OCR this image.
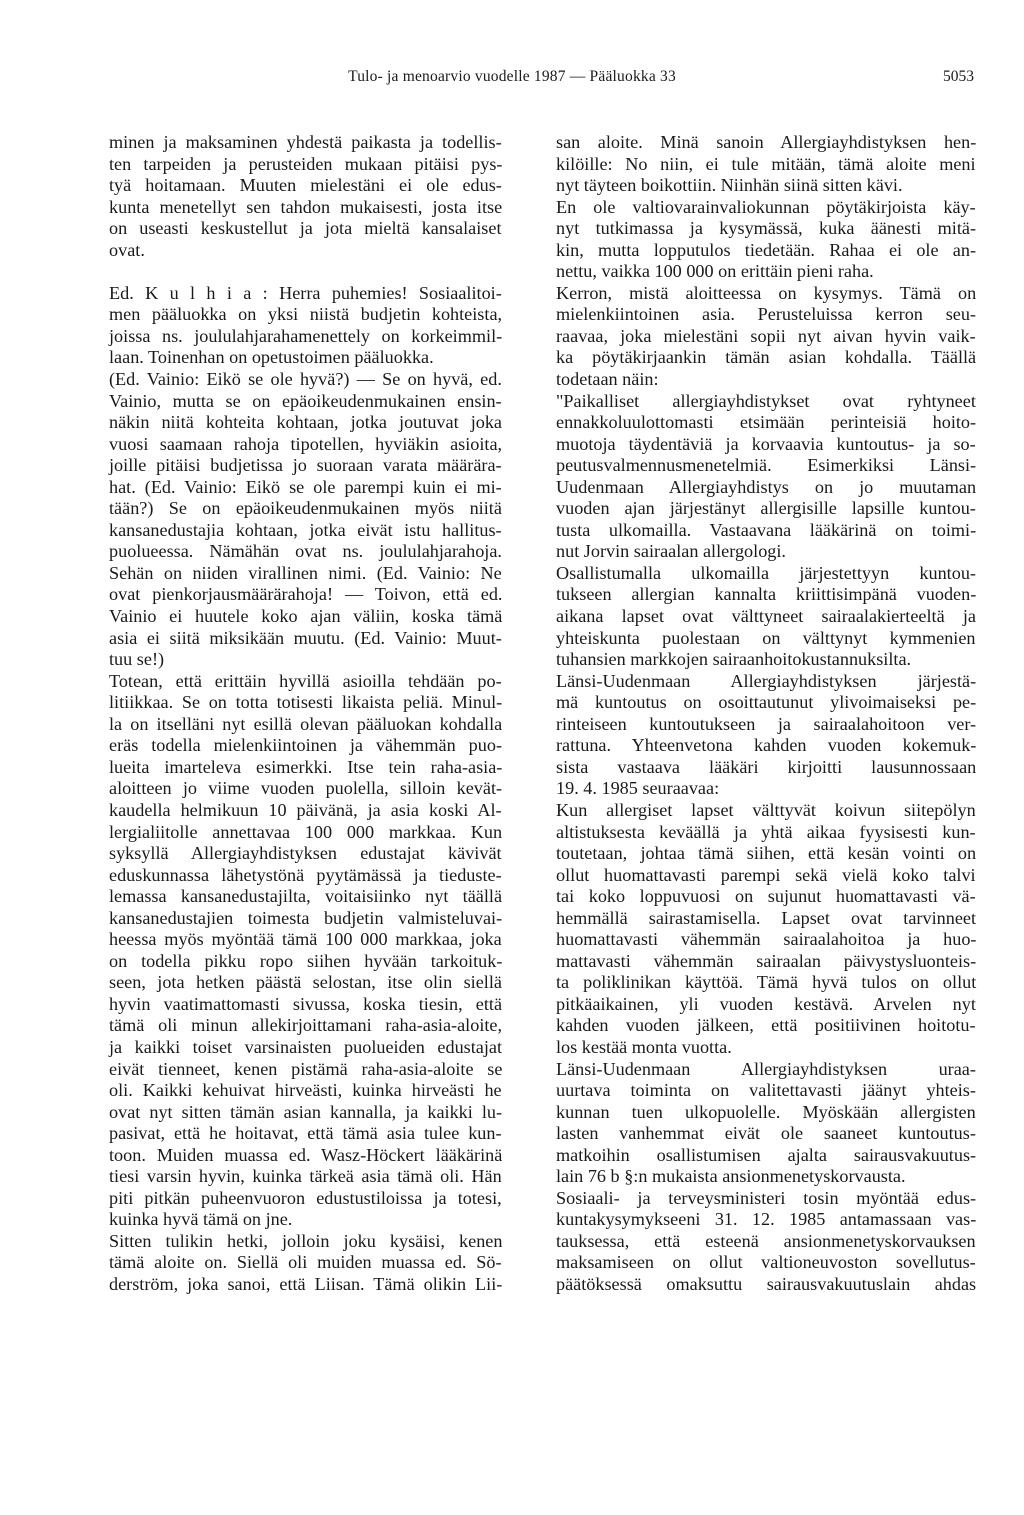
Tulo- ja menoarvio vuodelle 1987 — Pääluokka 33	5053
minen ja maksaminen yhdestä paikasta ja todellis-
ten tarpeiden ja perusteiden mukaan pitäisi pys-
tyä hoitamaan. Muuten mielestäni ei ole edus-
kunta menetellyt sen tahdon mukaisesti, josta itse
on useasti keskustellut ja jota mieltä kansalaiset
ovat.
Ed. K u l h i a : Herra puhemies! Sosiaalitoi-
men pääluokka on yksi niistä budjetin kohteista,
joissa ns. joululahjarahamenettely on korkeimmil-
laan. Toinenhan on opetustoimen pääluokka.
(Ed. Vainio: Eikö se ole hyvä?) — Se on hyvä, ed.
Vainio, mutta se on epäoikeudenmukainen ensin-
näkin niitä kohteita kohtaan, jotka joutuvat joka
vuosi saamaan rahoja tipotellen, hyviäkin asioita,
joille pitäisi budjetissa jo suoraan varata määrära-
hat. (Ed. Vainio: Eikö se ole parempi kuin ei mi-
tään?) Se on epäoikeudenmukainen myös niitä
kansanedustajia kohtaan, jotka eivät istu hallitus-
puolueessa. Nämähän ovat ns. joululahjarahoja.
Sehän on niiden virallinen nimi. (Ed. Vainio: Ne
ovat pienkorjausmäärärahoja! — Toivon, että ed.
Vainio ei huutele koko ajan väliin, koska tämä
asia ei siitä miksikään muutu. (Ed. Vainio: Muut-
tuu se!)
Totean, että erittäin hyvillä asioilla tehdään po-
litiikkaa. Se on totta totisesti likaista peliä. Minul-
la on itselläni nyt esillä olevan pääluokan kohdalla
eräs todella mielenkiintoinen ja vähemmän puo-
lueita imarteleva esimerkki. Itse tein raha-asia-
aloitteen jo viime vuoden puolella, silloin kevät-
kaudella helmikuun 10 päivänä, ja asia koski Al-
lergialiitolle annettavaa 100 000 markkaa. Kun
syksyllä Allergiayhdistyksen edustajat kävivät
eduskunnassa lähetystönä pyytämässä ja tiedustе-
lemassa kansanedustajilta, voitaisiinko nyt täällä
kansanedustajien toimesta budjetin valmisteluvai-
heessa myös myöntää tämä 100 000 markkaa, joka
on todella pikku ropo siihen hyvään tarkoituk-
seen, jota hetken päästä selostan, itse olin siellä
hyvin vaatimattomasti sivussa, koska tiesin, että
tämä oli minun allekirjoittamani raha-asia-aloite,
ja kaikki toiset varsinaisten puolueiden edustajat
eivät tienneet, kenen pistämä raha-asia-aloite se
oli. Kaikki kehuivat hirveästi, kuinka hirveästi he
ovat nyt sitten tämän asian kannalla, ja kaikki lu-
pasivat, että he hoitavat, että tämä asia tulee kun-
toon. Muiden muassa ed. Wasz-Höckert lääkärinä
tiesi varsin hyvin, kuinka tärkeä asia tämä oli. Hän
piti pitkän puheenvuoron edustustiloissa ja totesi,
kuinka hyvä tämä on jne.
Sitten tulikin hetki, jolloin joku kysäisi, kenen
tämä aloite on. Siellä oli muiden muassa ed. Sö-
derström, joka sanoi, että Liisan. Tämä olikin Lii-
san aloite. Minä sanoin Allergiayhdistyksen hen-
kilöille: No niin, ei tule mitään, tämä aloite meni
nyt täyteen boikottiin. Niinhän siinä sitten kävi.
En ole valtiovarainvaliokunnan pöytäkirjoista käy-
nyt tutkimassa ja kysymässä, kuka äänesti mitä-
kin, mutta lopputulos tiedetään. Rahaa ei ole an-
nettu, vaikka 100 000 on erittäin pieni raha.
Kerron, mistä aloitteessa on kysymys. Tämä on
mielenkiintoinen asia. Perusteluissa kerron seu-
raavaa, joka mielestäni sopii nyt aivan hyvin vaik-
ka pöytäkirjaankin tämän asian kohdalla. Täällä
todetaan näin:
"Paikalliset allergiayhdistykset ovat ryhtyneet
ennakkoluulottomasti etsimään perinteisiä hoito-
muotoja täydentäviä ja korvaavia kuntoutus- ja so-
peutusvalmennusmenetelmiä. Esimerkiksi Länsi-
Uudenmaan Allergiayhdistys on jo muutaman
vuoden ajan järjestänyt allergisille lapsille kuntou-
tusta ulkomailla. Vastaavana lääkärinä on toimi-
nut Jorvin sairaalan allergologi.
Osallistumalla ulkomailla järjestettyyn kuntou-
tukseen allergian kannalta kriittisimpänä vuoden-
aikana lapset ovat välttyneet sairaalakierteeltä ja
yhteiskunta puolestaan on välttynyt kymmenien
tuhansien markkojen sairaanhoitokustannuksilta.
Länsi-Uudenmaan Allergiayhdistyksen järjestä-
mä kuntoutus on osoittautunut ylivoimaiseksi pe-
rinteiseen kuntoutukseen ja sairaalahoitoon ver-
rattuna. Yhteenvetona kahden vuoden kokemuk-
sista vastaava lääkäri kirjoitti lausunnossaan
19. 4. 1985 seuraavaa:
Kun allergiset lapset välttyvät koivun siitepölyn
altistuksesta keväällä ja yhtä aikaa fyysisesti kun-
toutetaan, johtaa tämä siihen, että kesän vointi on
ollut huomattavasti parempi sekä vielä koko talvi
tai koko loppuvuosi on sujunut huomattavasti vä-
hemmällä sairastamisella. Lapset ovat tarvinneet
huomattavasti vähemmän sairaalahoitoa ja huo-
mattavasti vähemmän sairaalan päivystysluonteis-
ta poliklinikan käyttöä. Tämä hyvä tulos on ollut
pitkäaikainen, yli vuoden kestävä. Arvelen nyt
kahden vuoden jälkeen, että positiivinen hoitotu-
los kestää monta vuotta.
Länsi-Uudenmaan Allergiayhdistyksen uraa-
uurtava toiminta on valitettavasti jäänyt yhteis-
kunnan tuen ulkopuolelle. Myöskään allergisten
lasten vanhemmat eivät ole saaneet kuntoutus-
matkoihin osallistumisen ajalta sairausvakuutus-
lain 76 b §:n mukaista ansionmenetyskorvausta.
Sosiaali- ja terveysministeri tosin myöntää edus-
kuntakysymykseeni 31. 12. 1985 antamassaan vas-
tauksessa, että esteenä ansionmenetyskorvauksen
maksamiseen on ollut valtioneuvoston sovellutus-
päätöksessä omaksuttu sairausvakuutuslain ahdas
